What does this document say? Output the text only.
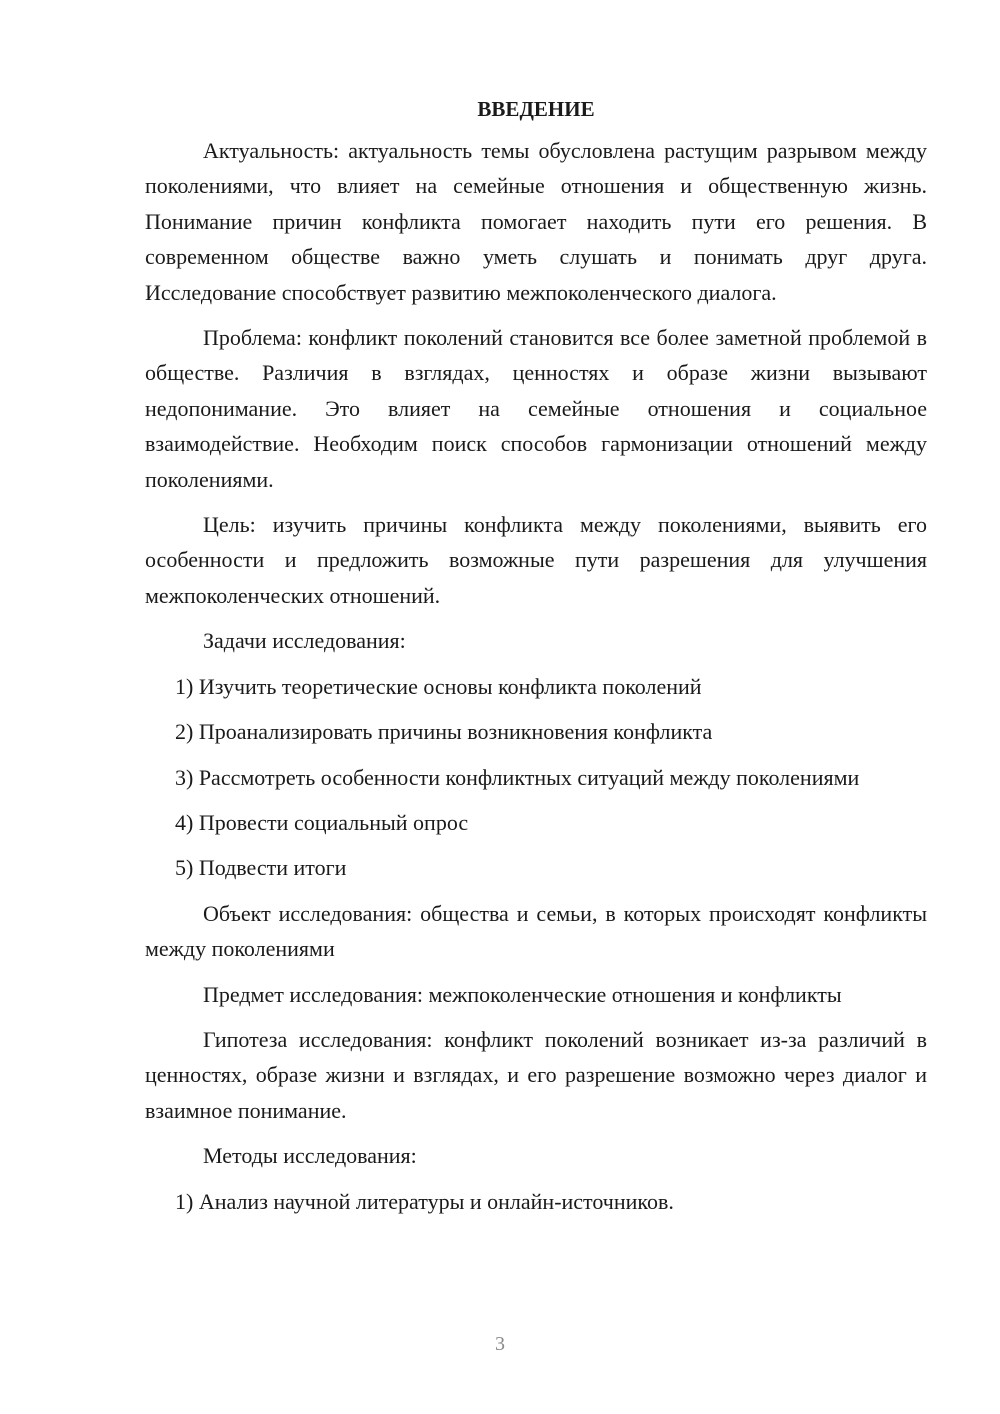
ВВЕДЕНИЕ

Актуальность: актуальность темы обусловлена растущим разрывом между поколениями, что влияет на семейные отношения и общественную жизнь. Понимание причин конфликта помогает находить пути его решения. В современном обществе важно уметь слушать и понимать друг друга. Исследование способствует развитию межпоколенческого диалога.

Проблема: конфликт поколений становится все более заметной проблемой в обществе. Различия в взглядах, ценностях и образе жизни вызывают недопонимание. Это влияет на семейные отношения и социальное взаимодействие. Необходим поиск способов гармонизации отношений между поколениями.

Цель: изучить причины конфликта между поколениями, выявить его особенности и предложить возможные пути разрешения для улучшения межпоколенческих отношений.

Задачи исследования:

1) Изучить теоретические основы конфликта поколений

2) Проанализировать причины возникновения конфликта

3) Рассмотреть особенности конфликтных ситуаций между поколениями

4) Провести социальный опрос

5) Подвести итоги

Объект исследования: общества и семьи, в которых происходят конфликты между поколениями

Предмет исследования: межпоколенческие отношения и конфликты

Гипотеза исследования: конфликт поколений возникает из-за различий в ценностях, образе жизни и взглядах, и его разрешение возможно через диалог и взаимное понимание.

Методы исследования:

1) Анализ научной литературы и онлайн-источников.

3
